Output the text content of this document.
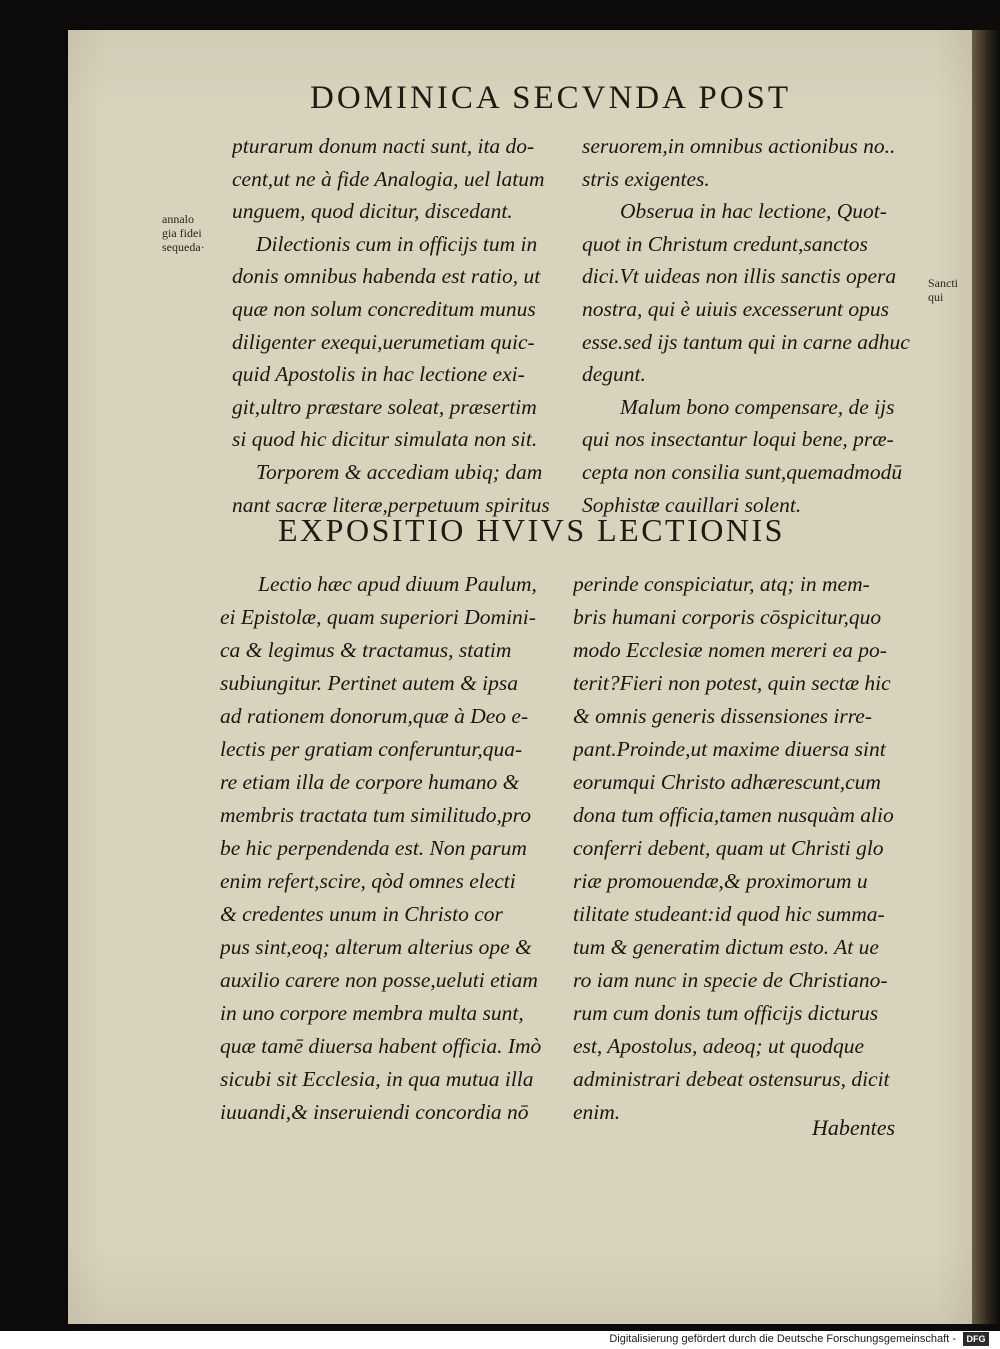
DOMINICA SECVNDA POST
annalo
gia fidei
sequeda·
Sancti
qui
pturarum donum nacti sunt, ita do-
cent,ut ne à fide Analogia, uel latum
unguem, quod dicitur, discedant.
Dilectionis cum in officijs tum in
donis omnibus habenda est ratio, ut
quæ non solum concreditum munus
diligenter exequi,uerumetiam quic-
quid Apostolis in hac lectione exi-
git,ultro præstare soleat, præsertim
si quod hic dicitur simulata non sit.
Torporem & accediam ubiq; dam
nant sacræ literæ,perpetuum spiritus
seruorem,in omnibus actionibus no..
stris exigentes.
Obserua in hac lectione, Quot-
quot in Christum credunt,sanctos
dici.Vt uideas non illis sanctis opera
nostra, qui è uiuis excesserunt opus
esse.sed ijs tantum qui in carne adhuc
degunt.
Malum bono compensare, de ijs
qui nos insectantur loqui bene, præ-
cepta non consilia sunt,quemadmodū
Sophistæ cauillari solent.
EXPOSITIO HVIVS LECTIONIS
Lectio hæc apud diuum Paulum,
ei Epistolæ, quam superiori Domini-
ca & legimus & tractamus, statim
subiungitur. Pertinet autem & ipsa
ad rationem donorum,quæ à Deo e-
lectis per gratiam conferuntur,qua-
re etiam illa de corpore humano &
membris tractata tum similitudo,pro
be hic perpendenda est. Non parum
enim refert,scire, qòd omnes electi
& credentes unum in Christo cor
pus sint,eoq; alterum alterius ope &
auxilio carere non posse,ueluti etiam
in uno corpore membra multa sunt,
quæ tamē diuersa habent officia. Imò
sicubi sit Ecclesia, in qua mutua illa
iuuandi,& inseruiendi concordia nō
perinde conspiciatur, atq; in mem-
bris humani corporis cōspicitur,quo
modo Ecclesiæ nomen mereri ea po-
terit?Fieri non potest, quin sectæ hic
& omnis generis dissensiones irre-
pant.Proinde,ut maxime diuersa sint
eorumqui Christo adhærescunt,cum
dona tum officia,tamen nusquàm alio
conferri debent, quam ut Christi glo
riæ promouendæ,& proximorum u
tilitate studeant:id quod hic summa-
tum & generatim dictum esto. At ue
ro iam nunc in specie de Christiano-
rum cum donis tum officijs dicturus
est, Apostolus, adeoq; ut quodque
administrari debeat ostensurus, dicit
enim.
Habentes
Digitalisierung gefördert durch die Deutsche Forschungsgemeinschaft -	DFG
